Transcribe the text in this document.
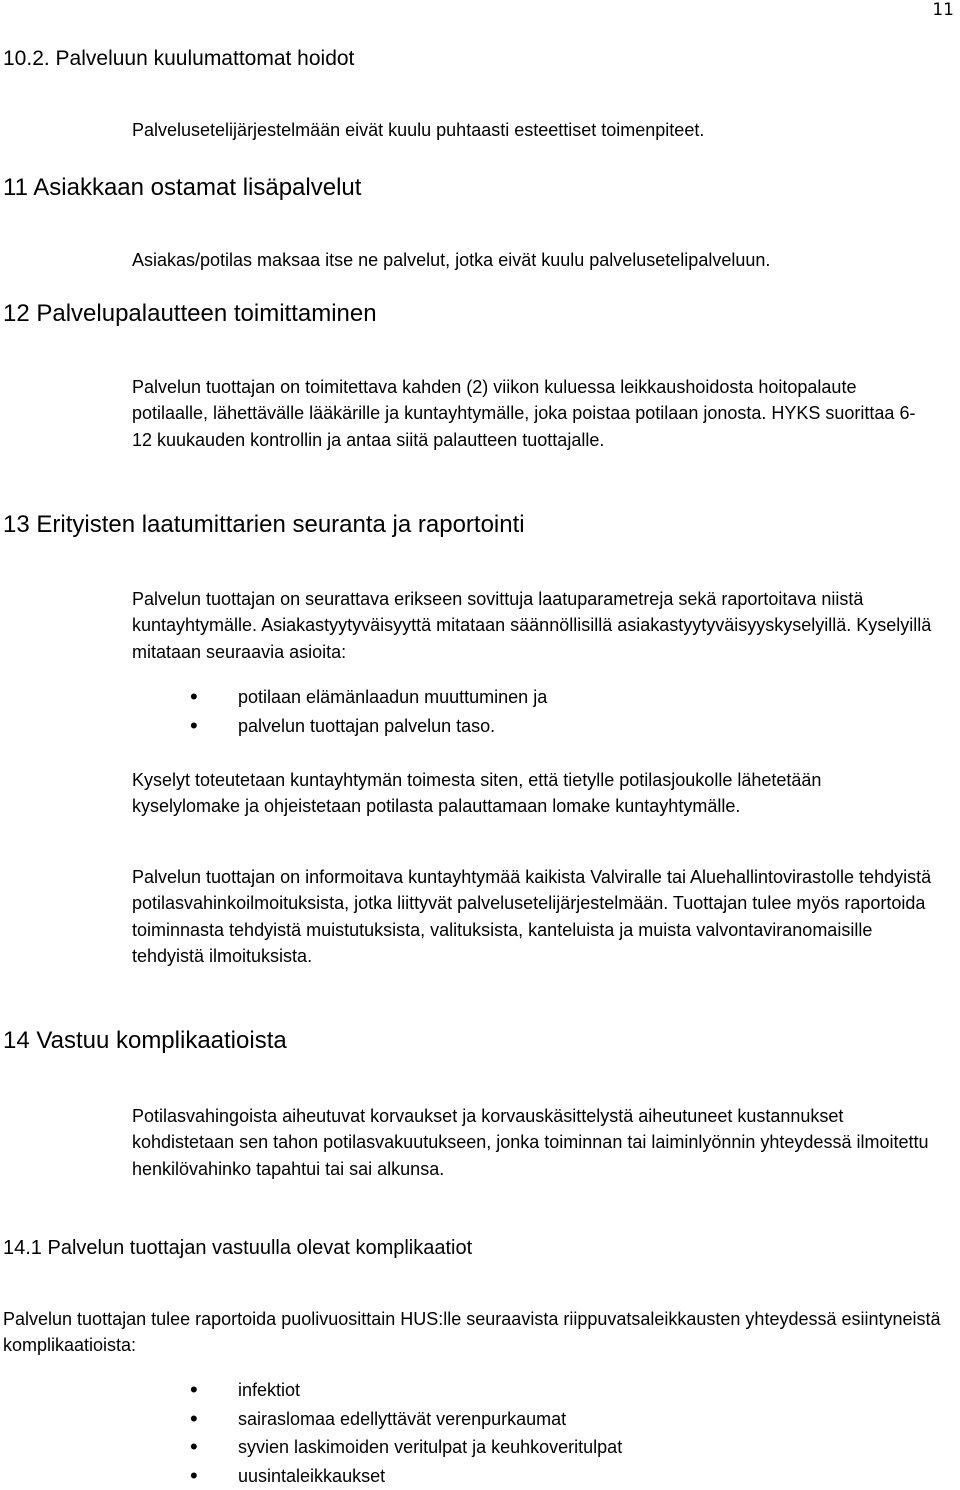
11
10.2. Palveluun kuulumattomat hoidot
Palvelusetelijärjestelmään eivät kuulu puhtaasti esteettiset toimenpiteet.
11 Asiakkaan ostamat lisäpalvelut
Asiakas/potilas maksaa itse ne palvelut, jotka eivät kuulu palvelusetelipalveluun.
12 Palvelupalautteen toimittaminen
Palvelun tuottajan on toimitettava kahden (2) viikon kuluessa leikkaushoidosta hoitopalaute potilaalle, lähettävälle lääkärille ja kuntayhtymälle, joka poistaa potilaan jonosta. HYKS suorittaa 6-12 kuukauden kontrollin ja antaa siitä palautteen tuottajalle.
13 Erityisten laatumittarien seuranta ja raportointi
Palvelun tuottajan on seurattava erikseen sovittuja laatuparametreja sekä raportoitava niistä kuntayhtymälle. Asiakastyytyväisyyttä mitataan säännöllisillä asiakastyytyväisyyskyselyillä. Kyselyillä mitataan seuraavia asioita:
• potilaan elämänlaadun muuttuminen ja
• palvelun tuottajan palvelun taso.
Kyselyt toteutetaan kuntayhtymän toimesta siten, että tietylle potilasjoukolle lähetetään kyselylomake ja ohjeistetaan potilasta palauttamaan lomake kuntayhtymälle.
Palvelun tuottajan on informoitava kuntayhtymää kaikista Valviralle tai Aluehallintovirastolle tehdyistä potilasvahinkoilmoituksista, jotka liittyvät palvelusetelijärjestelmään. Tuottajan tulee myös raportoida toiminnasta tehdyistä muistutuksista, valituksista, kanteluista ja muista valvontaviranomaisille tehdyistä ilmoituksista.
14 Vastuu komplikaatioista
Potilasvahingoista aiheutuvat korvaukset ja korvauskäsittelystä aiheutuneet kustannukset kohdistetaan sen tahon potilasvakuutukseen, jonka toiminnan tai laiminlyönnin yhteydessä ilmoitettu henkilövahinko tapahtui tai sai alkunsa.
14.1 Palvelun tuottajan vastuulla olevat komplikaatiot
Palvelun tuottajan tulee raportoida puolivuosittain HUS:lle seuraavista riippuvatsaleikkausten yhteydessä esiintyneistä komplikaatioista:
• infektiot
• sairaslomaa edellyttävät verenpurkaumat
• syvien laskimoiden veritulpat ja keuhkoveritulpat
• uusintaleikkaukset
